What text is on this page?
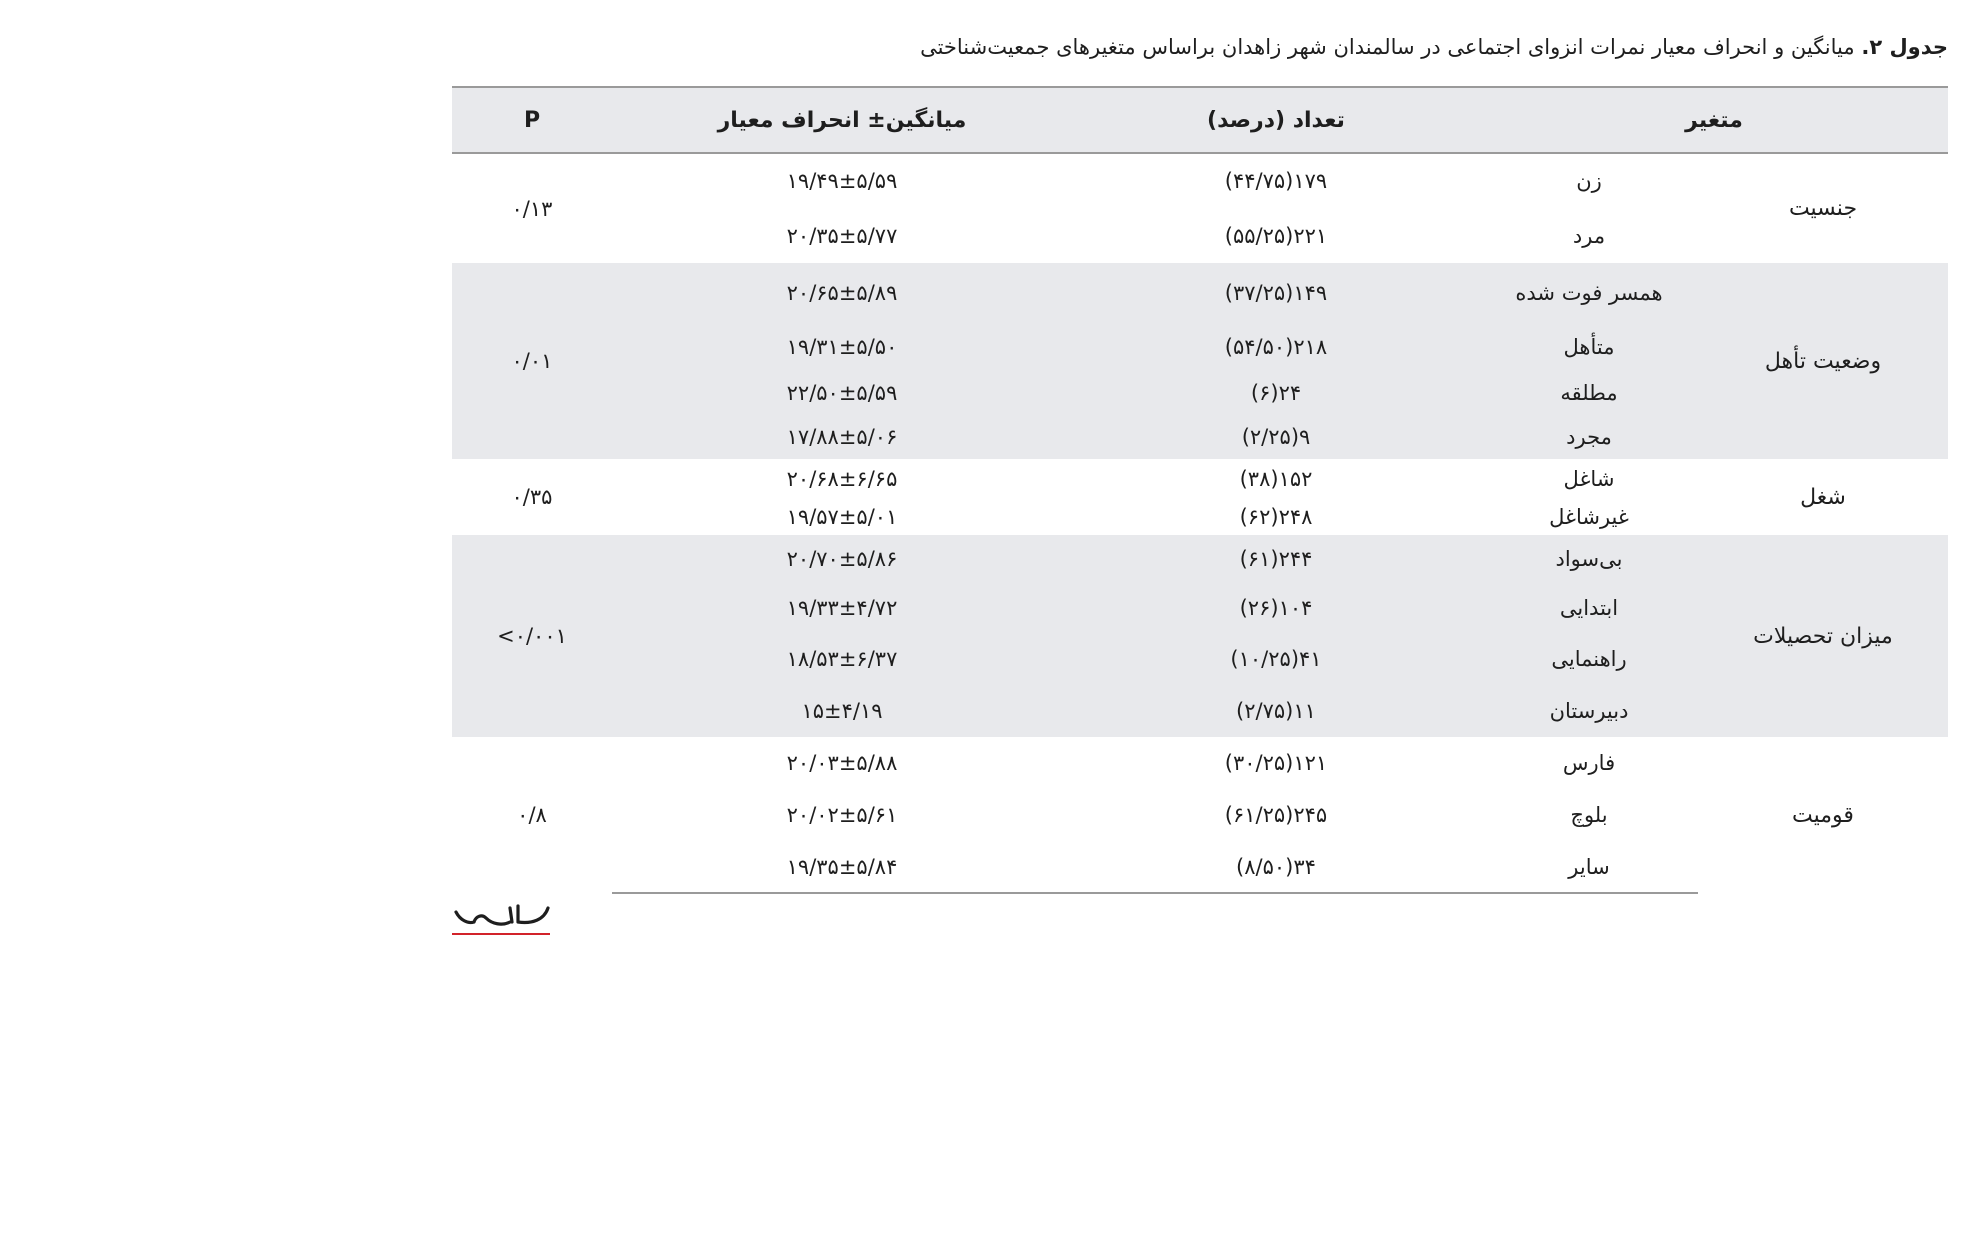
جدول ۲. میانگین و انحراف معیار نمرات انزوای اجتماعی در سالمندان شهر زاهدان براساس متغیرهای جمعیت‌شناختی
متغیر		تعداد (درصد)	میانگین± انحراف معیار	P
جنسیت	زن	۱۷۹(۴۴/۷۵)	۱۹/۴۹±۵/۵۹	۰/۱۳
	مرد	۲۲۱(۵۵/۲۵)	۲۰/۳۵±۵/۷۷	
وضعیت تأهل	همسر فوت شده	۱۴۹(۳۷/۲۵)	۲۰/۶۵±۵/۸۹	۰/۰۱
	متأهل	۲۱۸(۵۴/۵۰)	۱۹/۳۱±۵/۵۰	
	مطلقه	۲۴(۶)	۲۲/۵۰±۵/۵۹	
	مجرد	۹(۲/۲۵)	۱۷/۸۸±۵/۰۶	
شغل	شاغل	۱۵۲(۳۸)	۲۰/۶۸±۶/۶۵	۰/۳۵
	غیرشاغل	۲۴۸(۶۲)	۱۹/۵۷±۵/۰۱	
میزان تحصیلات	بی‌سواد	۲۴۴(۶۱)	۲۰/۷۰±۵/۸۶	<۰/۰۰۱
	ابتدایی	۱۰۴(۲۶)	۱۹/۳۳±۴/۷۲	
	راهنمایی	۴۱(۱۰/۲۵)	۱۸/۵۳±۶/۳۷	
	دبیرستان	۱۱(۲/۷۵)	۱۵±۴/۱۹	
قومیت	فارس	۱۲۱(۳۰/۲۵)	۲۰/۰۳±۵/۸۸	۰/۸
	بلوچ	۲۴۵(۶۱/۲۵)	۲۰/۰۲±۵/۶۱	
	سایر	۳۴(۸/۵۰)	۱۹/۳۵±۵/۸۴	
